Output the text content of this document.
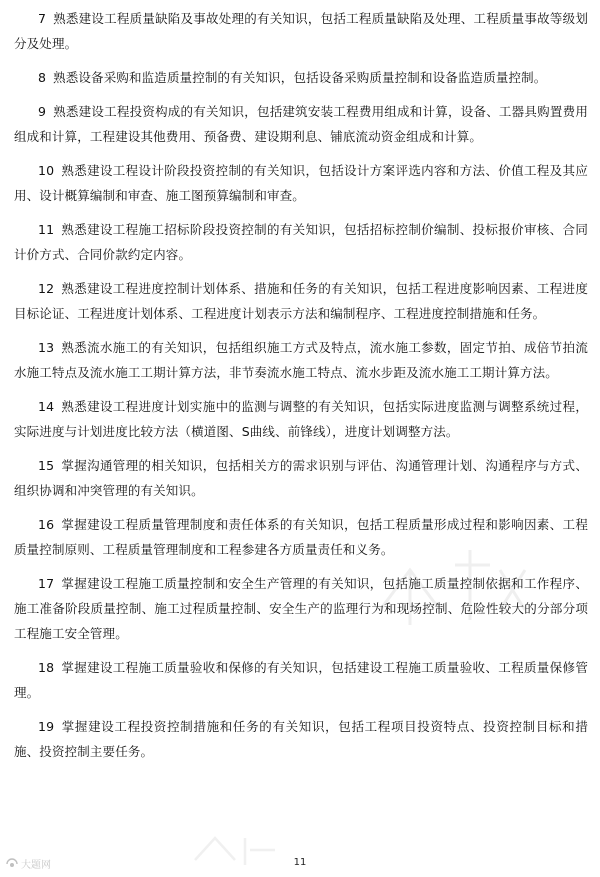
7 熟悉建设工程质量缺陷及事故处理的有关知识，包括工程质量缺陷及处理、工程质量事故等级划分及处理。

8 熟悉设备采购和监造质量控制的有关知识，包括设备采购质量控制和设备监造质量控制。

9 熟悉建设工程投资构成的有关知识，包括建筑安装工程费用组成和计算，设备、工器具购置费用组成和计算，工程建设其他费用、预备费、建设期利息、铺底流动资金组成和计算。

10 熟悉建设工程设计阶段投资控制的有关知识，包括设计方案评选内容和方法、价值工程及其应用、设计概算编制和审查、施工图预算编制和审查。

11 熟悉建设工程施工招标阶段投资控制的有关知识，包括招标控制价编制、投标报价审核、合同计价方式、合同价款约定内容。

12 熟悉建设工程进度控制计划体系、措施和任务的有关知识，包括工程进度影响因素、工程进度目标论证、工程进度计划体系、工程进度计划表示方法和编制程序、工程进度控制措施和任务。

13 熟悉流水施工的有关知识，包括组织施工方式及特点，流水施工参数，固定节拍、成倍节拍流水施工特点及流水施工工期计算方法，非节奏流水施工特点、流水步距及流水施工工期计算方法。

14 熟悉建设工程进度计划实施中的监测与调整的有关知识，包括实际进度监测与调整系统过程，实际进度与计划进度比较方法（横道图、S曲线、前锋线），进度计划调整方法。

15 掌握沟通管理的相关知识，包括相关方的需求识别与评估、沟通管理计划、沟通程序与方式、组织协调和冲突管理的有关知识。

16 掌握建设工程质量管理制度和责任体系的有关知识，包括工程质量形成过程和影响因素、工程质量控制原则、工程质量管理制度和工程参建各方质量责任和义务。

17 掌握建设工程施工质量控制和安全生产管理的有关知识，包括施工质量控制依据和工作程序、施工准备阶段质量控制、施工过程质量控制、安全生产的监理行为和现场控制、危险性较大的分部分项工程施工安全管理。

18 掌握建设工程施工质量验收和保修的有关知识，包括建设工程施工质量验收、工程质量保修管理。

19 掌握建设工程投资控制措施和任务的有关知识，包括工程项目投资特点、投资控制目标和措施、投资控制主要任务。

大题网	11
